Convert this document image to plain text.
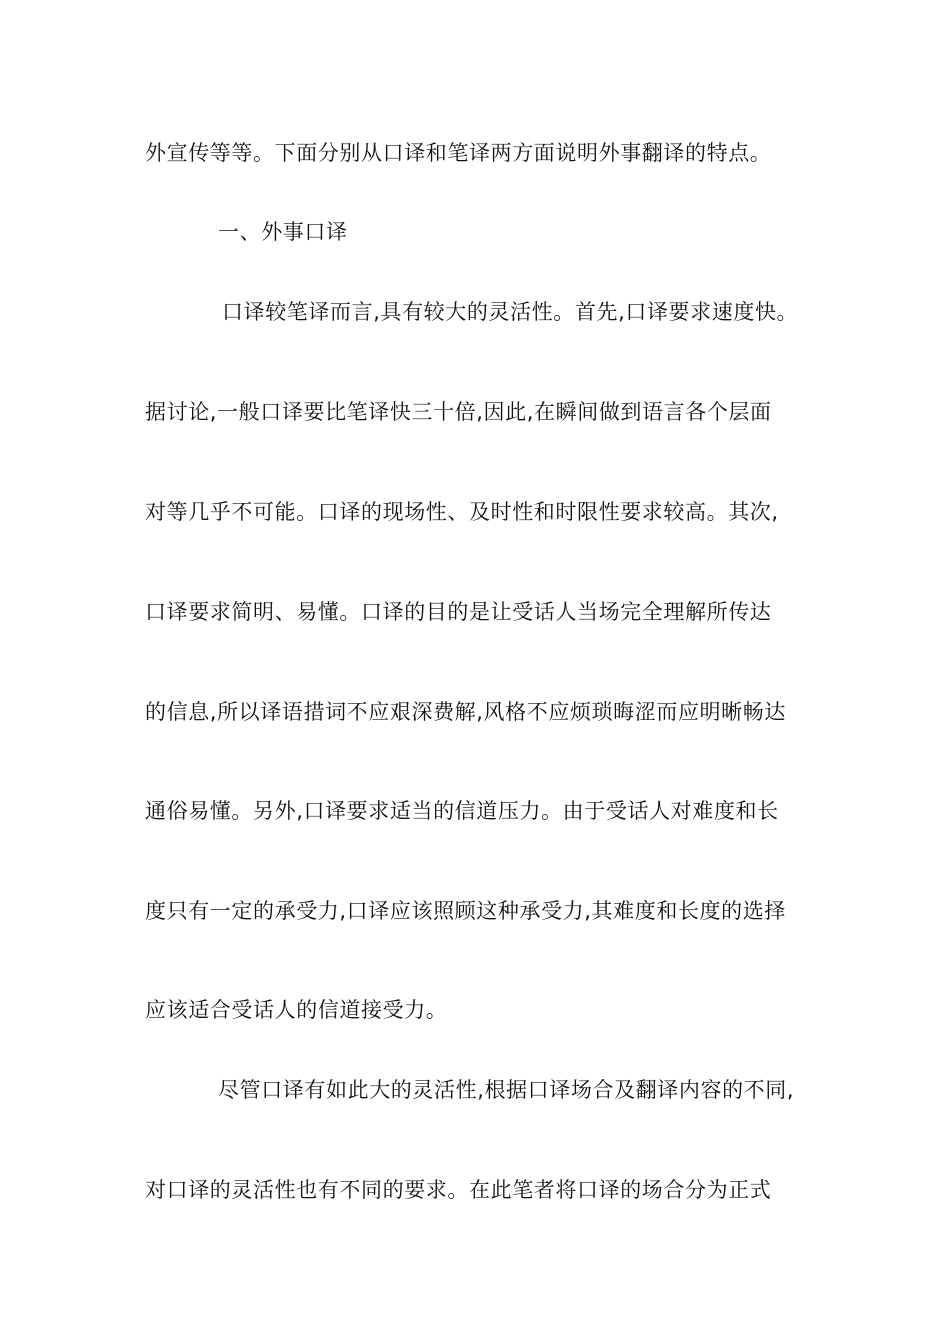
外宣传等等。下面分别从口译和笔译两方面说明外事翻译的特点。
一、外事口译
口译较笔译而言,具有较大的灵活性。首先,口译要求速度快。
据讨论,一般口译要比笔译快三十倍,因此,在瞬间做到语言各个层面
对等几乎不可能。口译的现场性、及时性和时限性要求较高。其次,
口译要求简明、易懂。口译的目的是让受话人当场完全理解所传达
的信息,所以译语措词不应艰深费解,风格不应烦琐晦涩而应明晰畅达
通俗易懂。另外,口译要求适当的信道压力。由于受话人对难度和长
度只有一定的承受力,口译应该照顾这种承受力,其难度和长度的选择
应该适合受话人的信道接受力。
尽管口译有如此大的灵活性,根据口译场合及翻译内容的不同,
对口译的灵活性也有不同的要求。在此笔者将口译的场合分为正式
